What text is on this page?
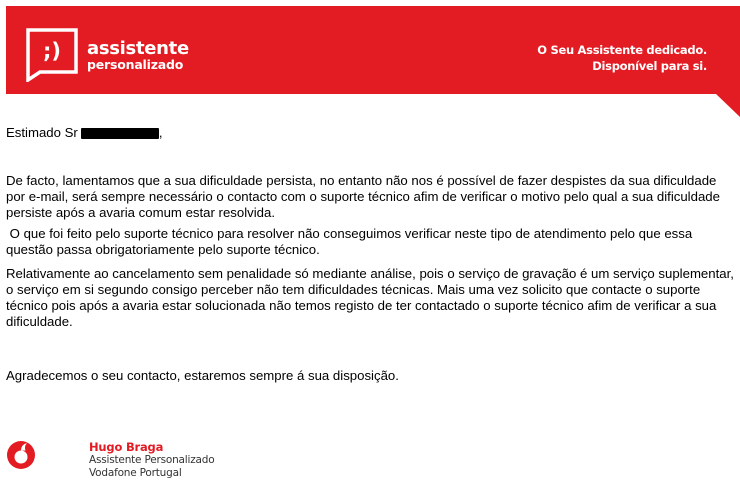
;) assistente
personalizado
O Seu Assistente dedicado.
Disponível para si.
Estimado Sr	,

De facto, lamentamos que a sua dificuldade persista, no entanto não nos é possível de fazer despistes da sua dificuldade por e-mail, será sempre necessário o contacto com o suporte técnico afim de verificar o motivo pelo qual a sua dificuldade persiste após a avaria comum estar resolvida.

O que foi feito pelo suporte técnico para resolver não conseguimos verificar neste tipo de atendimento pelo que essa questão passa obrigatoriamente pelo suporte técnico.

Relativamente ao cancelamento sem penalidade só mediante análise, pois o serviço de gravação é um serviço suplementar, o serviço em si segundo consigo perceber não tem dificuldades técnicas. Mais uma vez solicito que contacte o suporte técnico pois após a avaria estar solucionada não temos registo de ter contactado o suporte técnico afim de verificar a sua dificuldade.

Agradecemos o seu contacto, estaremos sempre á sua disposição.

Hugo Braga
Assistente Personalizado
Vodafone Portugal
